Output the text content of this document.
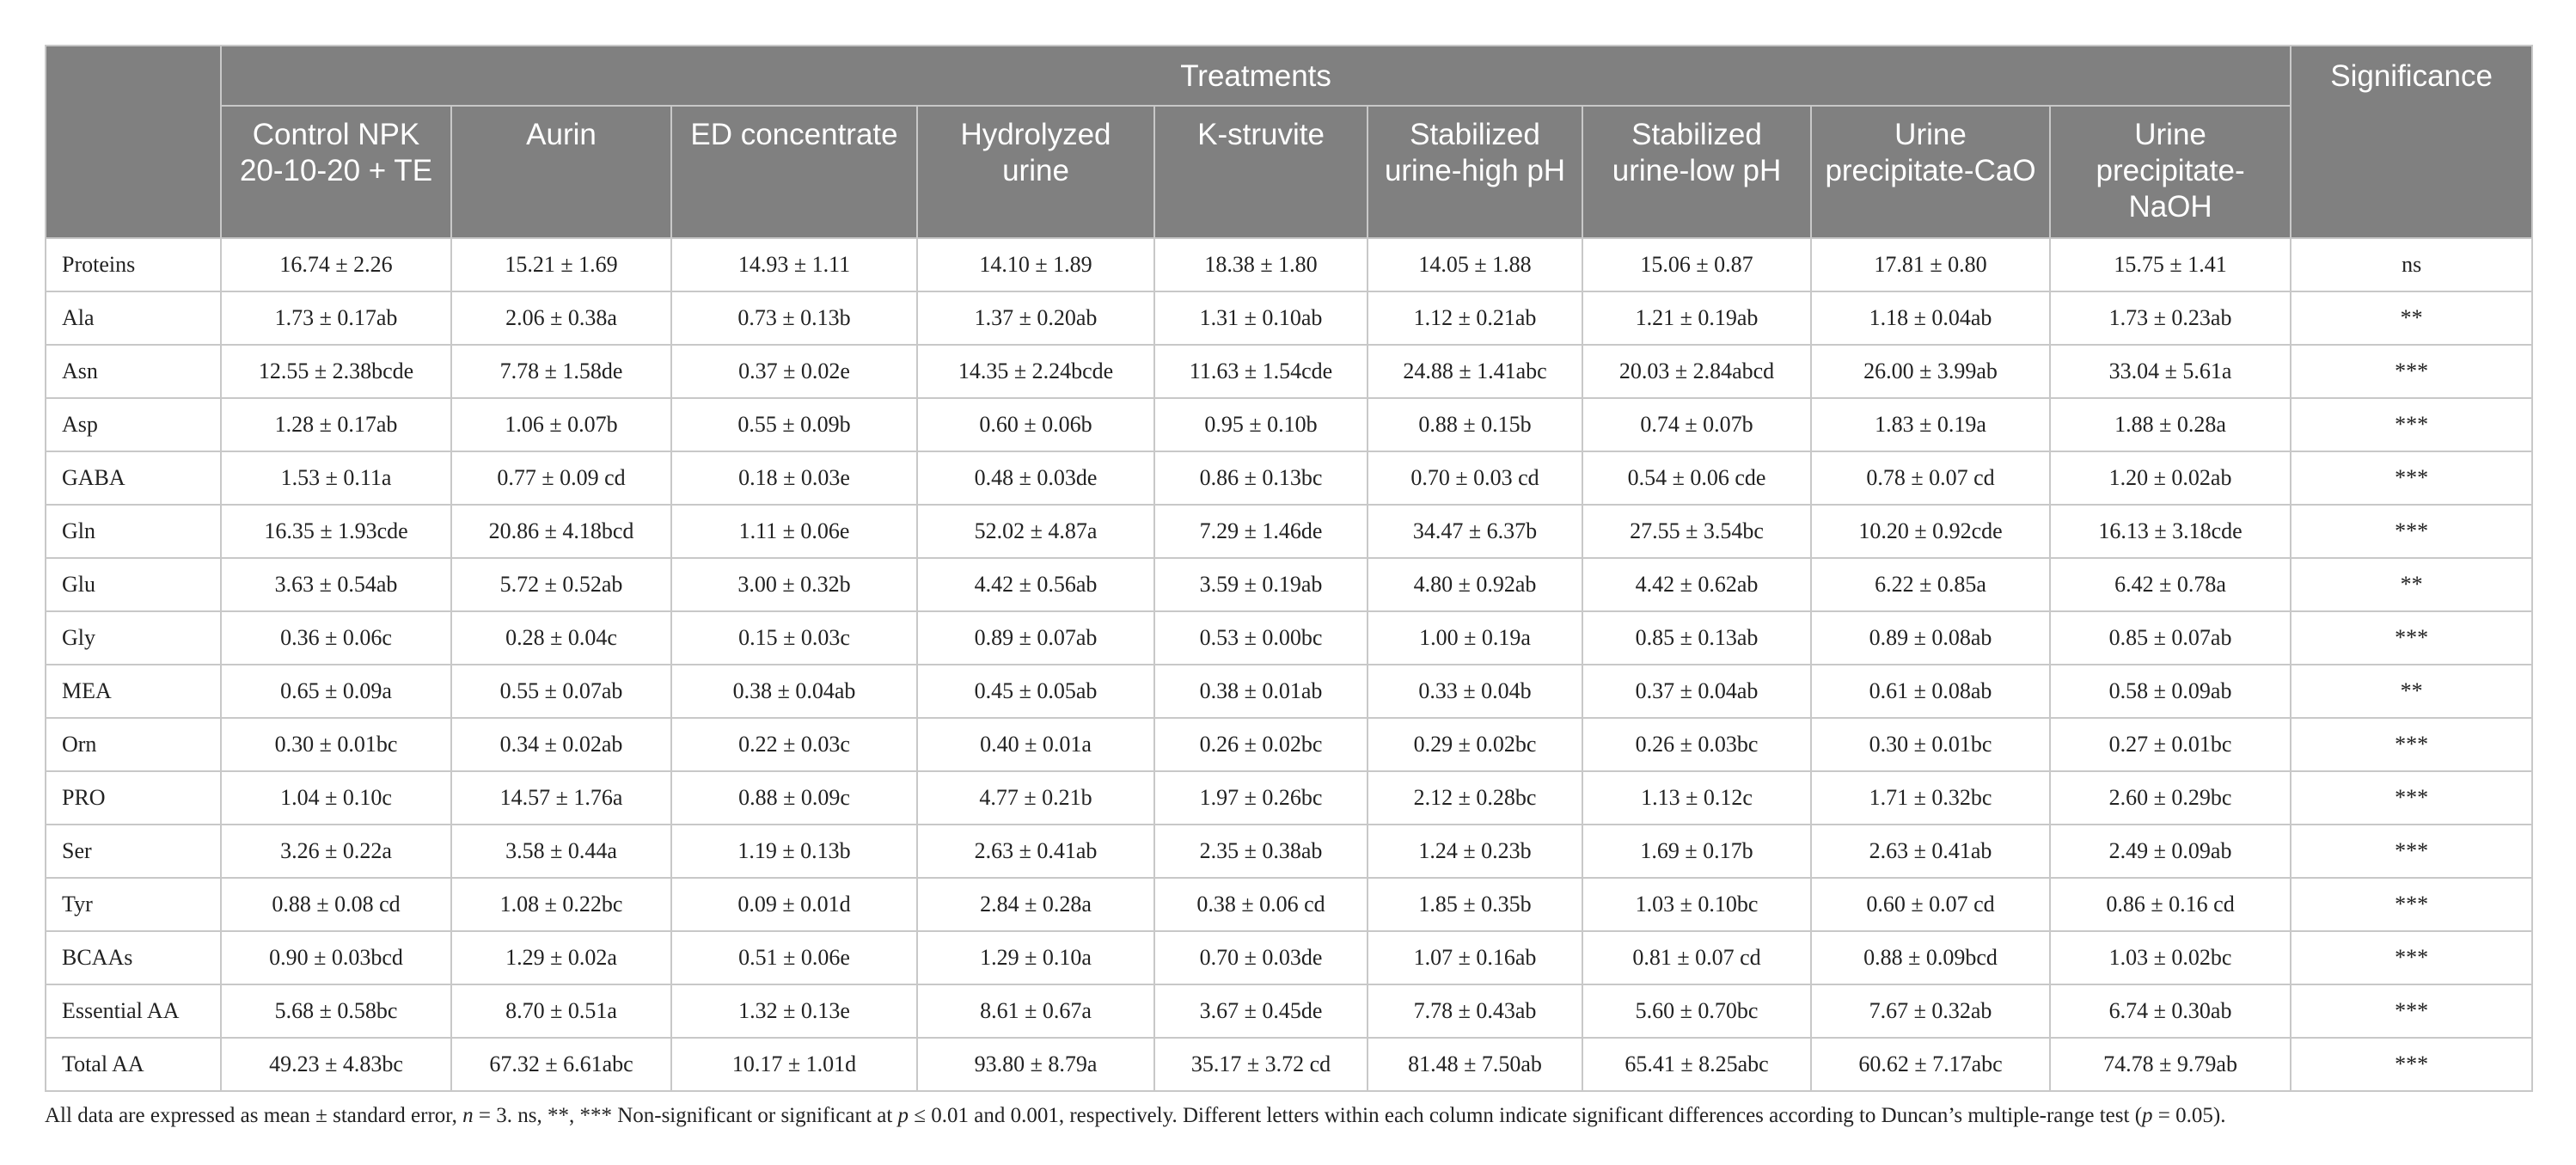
	Treatments									Significance
	Control NPK 20-10-20 + TE	Aurin	ED concentrate	Hydrolyzed urine	K-struvite	Stabilized urine-high pH	Stabilized urine-low pH	Urine precipitate-CaO	Urine precipitate-NaOH	
Proteins	16.74 ± 2.26	15.21 ± 1.69	14.93 ± 1.11	14.10 ± 1.89	18.38 ± 1.80	14.05 ± 1.88	15.06 ± 0.87	17.81 ± 0.80	15.75 ± 1.41	ns
Ala	1.73 ± 0.17ab	2.06 ± 0.38a	0.73 ± 0.13b	1.37 ± 0.20ab	1.31 ± 0.10ab	1.12 ± 0.21ab	1.21 ± 0.19ab	1.18 ± 0.04ab	1.73 ± 0.23ab	**
Asn	12.55 ± 2.38bcde	7.78 ± 1.58de	0.37 ± 0.02e	14.35 ± 2.24bcde	11.63 ± 1.54cde	24.88 ± 1.41abc	20.03 ± 2.84abcd	26.00 ± 3.99ab	33.04 ± 5.61a	***
Asp	1.28 ± 0.17ab	1.06 ± 0.07b	0.55 ± 0.09b	0.60 ± 0.06b	0.95 ± 0.10b	0.88 ± 0.15b	0.74 ± 0.07b	1.83 ± 0.19a	1.88 ± 0.28a	***
GABA	1.53 ± 0.11a	0.77 ± 0.09 cd	0.18 ± 0.03e	0.48 ± 0.03de	0.86 ± 0.13bc	0.70 ± 0.03 cd	0.54 ± 0.06 cde	0.78 ± 0.07 cd	1.20 ± 0.02ab	***
Gln	16.35 ± 1.93cde	20.86 ± 4.18bcd	1.11 ± 0.06e	52.02 ± 4.87a	7.29 ± 1.46de	34.47 ± 6.37b	27.55 ± 3.54bc	10.20 ± 0.92cde	16.13 ± 3.18cde	***
Glu	3.63 ± 0.54ab	5.72 ± 0.52ab	3.00 ± 0.32b	4.42 ± 0.56ab	3.59 ± 0.19ab	4.80 ± 0.92ab	4.42 ± 0.62ab	6.22 ± 0.85a	6.42 ± 0.78a	**
Gly	0.36 ± 0.06c	0.28 ± 0.04c	0.15 ± 0.03c	0.89 ± 0.07ab	0.53 ± 0.00bc	1.00 ± 0.19a	0.85 ± 0.13ab	0.89 ± 0.08ab	0.85 ± 0.07ab	***
MEA	0.65 ± 0.09a	0.55 ± 0.07ab	0.38 ± 0.04ab	0.45 ± 0.05ab	0.38 ± 0.01ab	0.33 ± 0.04b	0.37 ± 0.04ab	0.61 ± 0.08ab	0.58 ± 0.09ab	**
Orn	0.30 ± 0.01bc	0.34 ± 0.02ab	0.22 ± 0.03c	0.40 ± 0.01a	0.26 ± 0.02bc	0.29 ± 0.02bc	0.26 ± 0.03bc	0.30 ± 0.01bc	0.27 ± 0.01bc	***
PRO	1.04 ± 0.10c	14.57 ± 1.76a	0.88 ± 0.09c	4.77 ± 0.21b	1.97 ± 0.26bc	2.12 ± 0.28bc	1.13 ± 0.12c	1.71 ± 0.32bc	2.60 ± 0.29bc	***
Ser	3.26 ± 0.22a	3.58 ± 0.44a	1.19 ± 0.13b	2.63 ± 0.41ab	2.35 ± 0.38ab	1.24 ± 0.23b	1.69 ± 0.17b	2.63 ± 0.41ab	2.49 ± 0.09ab	***
Tyr	0.88 ± 0.08 cd	1.08 ± 0.22bc	0.09 ± 0.01d	2.84 ± 0.28a	0.38 ± 0.06 cd	1.85 ± 0.35b	1.03 ± 0.10bc	0.60 ± 0.07 cd	0.86 ± 0.16 cd	***
BCAAs	0.90 ± 0.03bcd	1.29 ± 0.02a	0.51 ± 0.06e	1.29 ± 0.10a	0.70 ± 0.03de	1.07 ± 0.16ab	0.81 ± 0.07 cd	0.88 ± 0.09bcd	1.03 ± 0.02bc	***
Essential AA	5.68 ± 0.58bc	8.70 ± 0.51a	1.32 ± 0.13e	8.61 ± 0.67a	3.67 ± 0.45de	7.78 ± 0.43ab	5.60 ± 0.70bc	7.67 ± 0.32ab	6.74 ± 0.30ab	***
Total AA	49.23 ± 4.83bc	67.32 ± 6.61abc	10.17 ± 1.01d	93.80 ± 8.79a	35.17 ± 3.72 cd	81.48 ± 7.50ab	65.41 ± 8.25abc	60.62 ± 7.17abc	74.78 ± 9.79ab	***
All data are expressed as mean ± standard error, n = 3. ns, **, *** Non-significant or significant at p ≤ 0.01 and 0.001, respectively. Different letters within each column indicate significant differences according to Duncan’s multiple-range test (p = 0.05).
